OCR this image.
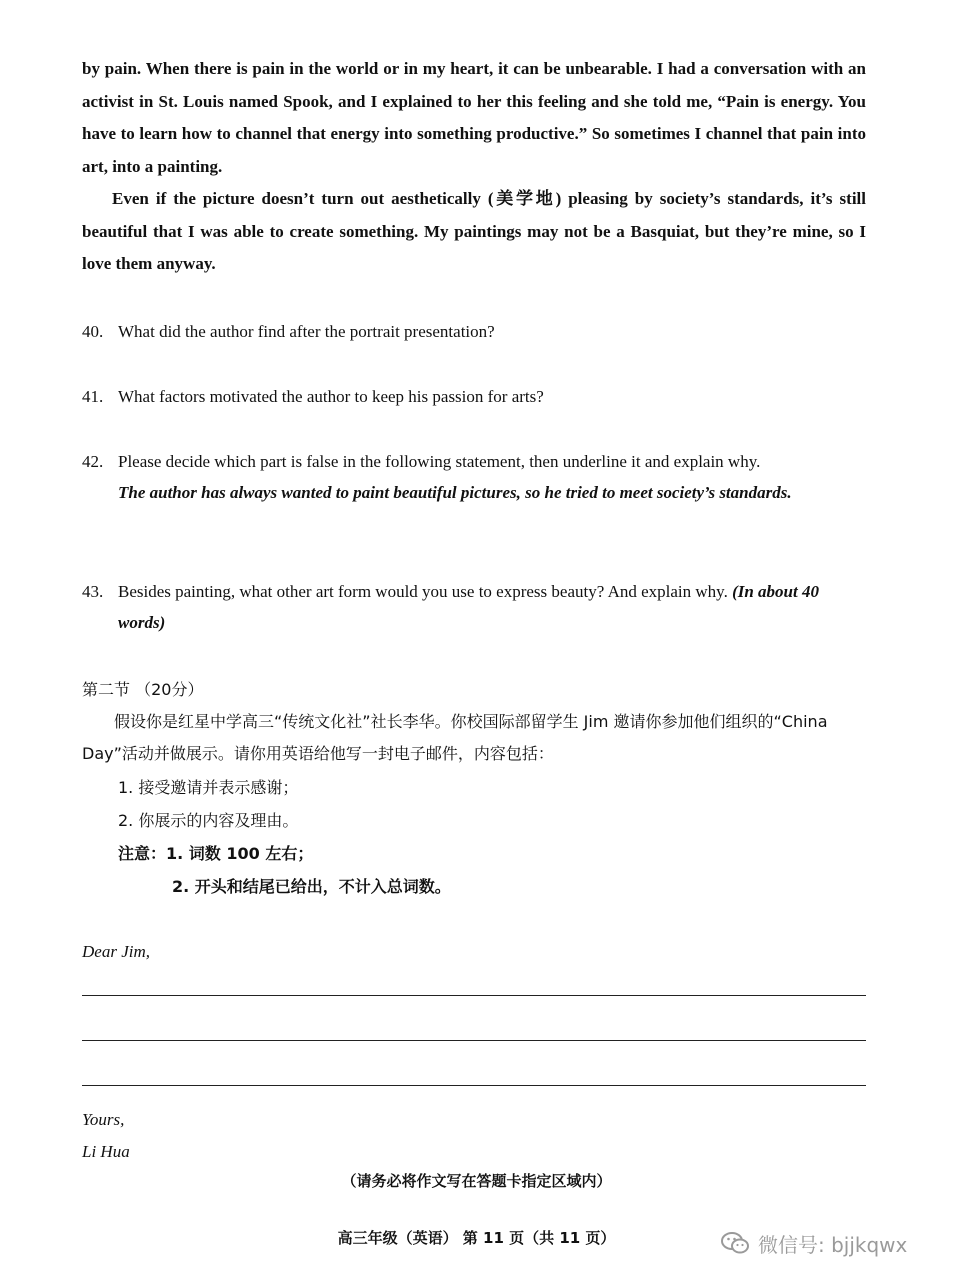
by pain. When there is pain in the world or in my heart, it can be unbearable. I had a conversation with an activist in St. Louis named Spook, and I explained to her this feeling and she told me, “Pain is energy. You have to learn how to channel that energy into something productive.” So sometimes I channel that pain into art, into a painting.
Even if the picture doesn’t turn out aesthetically (美学地) pleasing by society’s standards, it’s still beautiful that I was able to create something. My paintings may not be a Basquiat, but they’re mine, so I love them anyway.
40. What did the author find after the portrait presentation?
41. What factors motivated the author to keep his passion for arts?
42. Please decide which part is false in the following statement, then underline it and explain why.
The author has always wanted to paint beautiful pictures, so he tried to meet society’s standards.
43. Besides painting, what other art form would you use to express beauty? And explain why. (In about 40 words)
第二节 （20分）
假设你是红星中学高三“传统文化社”社长李华。你校国际部留学生 Jim 邀请你参加他们组织的“China Day”活动并做展示。请你用英语给他写一封电子邮件，内容包括：
1. 接受邀请并表示感谢；
2. 你展示的内容及理由。
注意：1. 词数 100 左右；
2. 开头和结尾已给出，不计入总词数。
Dear Jim,
Yours,
Li Hua
（请务必将作文写在答题卡指定区域内）
高三年级（英语） 第 11 页（共 11 页）	微信号: bjjkqwx
